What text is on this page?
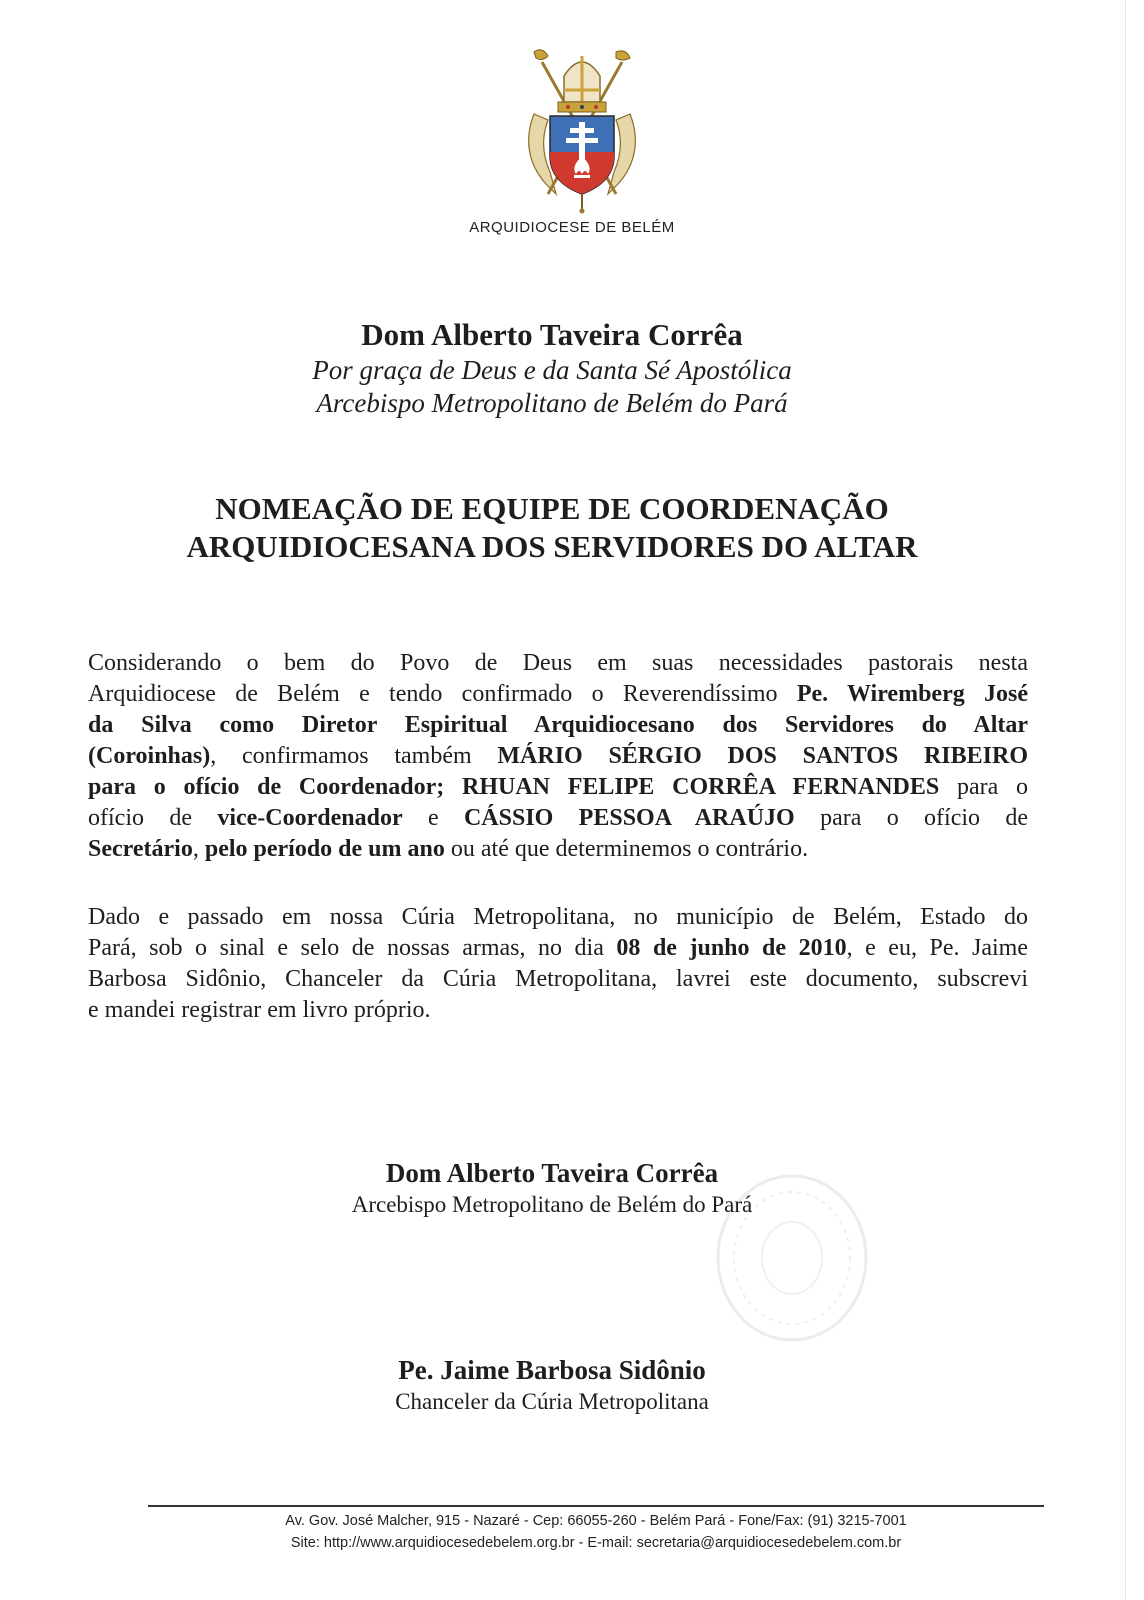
ARQUIDIOCESE DE BELÉM
Dom Alberto Taveira Corrêa
Por graça de Deus e da Santa Sé Apostólica
Arcebispo Metropolitano de Belém do Pará
NOMEAÇÃO DE EQUIPE DE COORDENAÇÃO
ARQUIDIOCESANA DOS SERVIDORES DO ALTAR
Considerando o bem do Povo de Deus em suas necessidades pastorais nesta
Arquidiocese de Belém e tendo confirmado o Reverendíssimo Pe. Wiremberg José
da Silva como Diretor Espiritual Arquidiocesano dos Servidores do Altar
(Coroinhas), confirmamos também MÁRIO SÉRGIO DOS SANTOS RIBEIRO
para o ofício de Coordenador; RHUAN FELIPE CORRÊA FERNANDES para o
ofício de vice-Coordenador e CÁSSIO PESSOA ARAÚJO para o ofício de
Secretário, pelo período de um ano ou até que determinemos o contrário.
Dado e passado em nossa Cúria Metropolitana, no município de Belém, Estado do
Pará, sob o sinal e selo de nossas armas, no dia 08 de junho de 2010, e eu, Pe. Jaime
Barbosa Sidônio, Chanceler da Cúria Metropolitana, lavrei este documento, subscrevi
e mandei registrar em livro próprio.
Dom Alberto Taveira Corrêa
Arcebispo Metropolitano de Belém do Pará
Pe. Jaime Barbosa Sidônio
Chanceler da Cúria Metropolitana
Av. Gov. José Malcher, 915 - Nazaré - Cep: 66055-260 - Belém Pará - Fone/Fax: (91) 3215-7001
Site: http://www.arquidiocesedebelem.org.br - E-mail: secretaria@arquidiocesedebelem.com.br
